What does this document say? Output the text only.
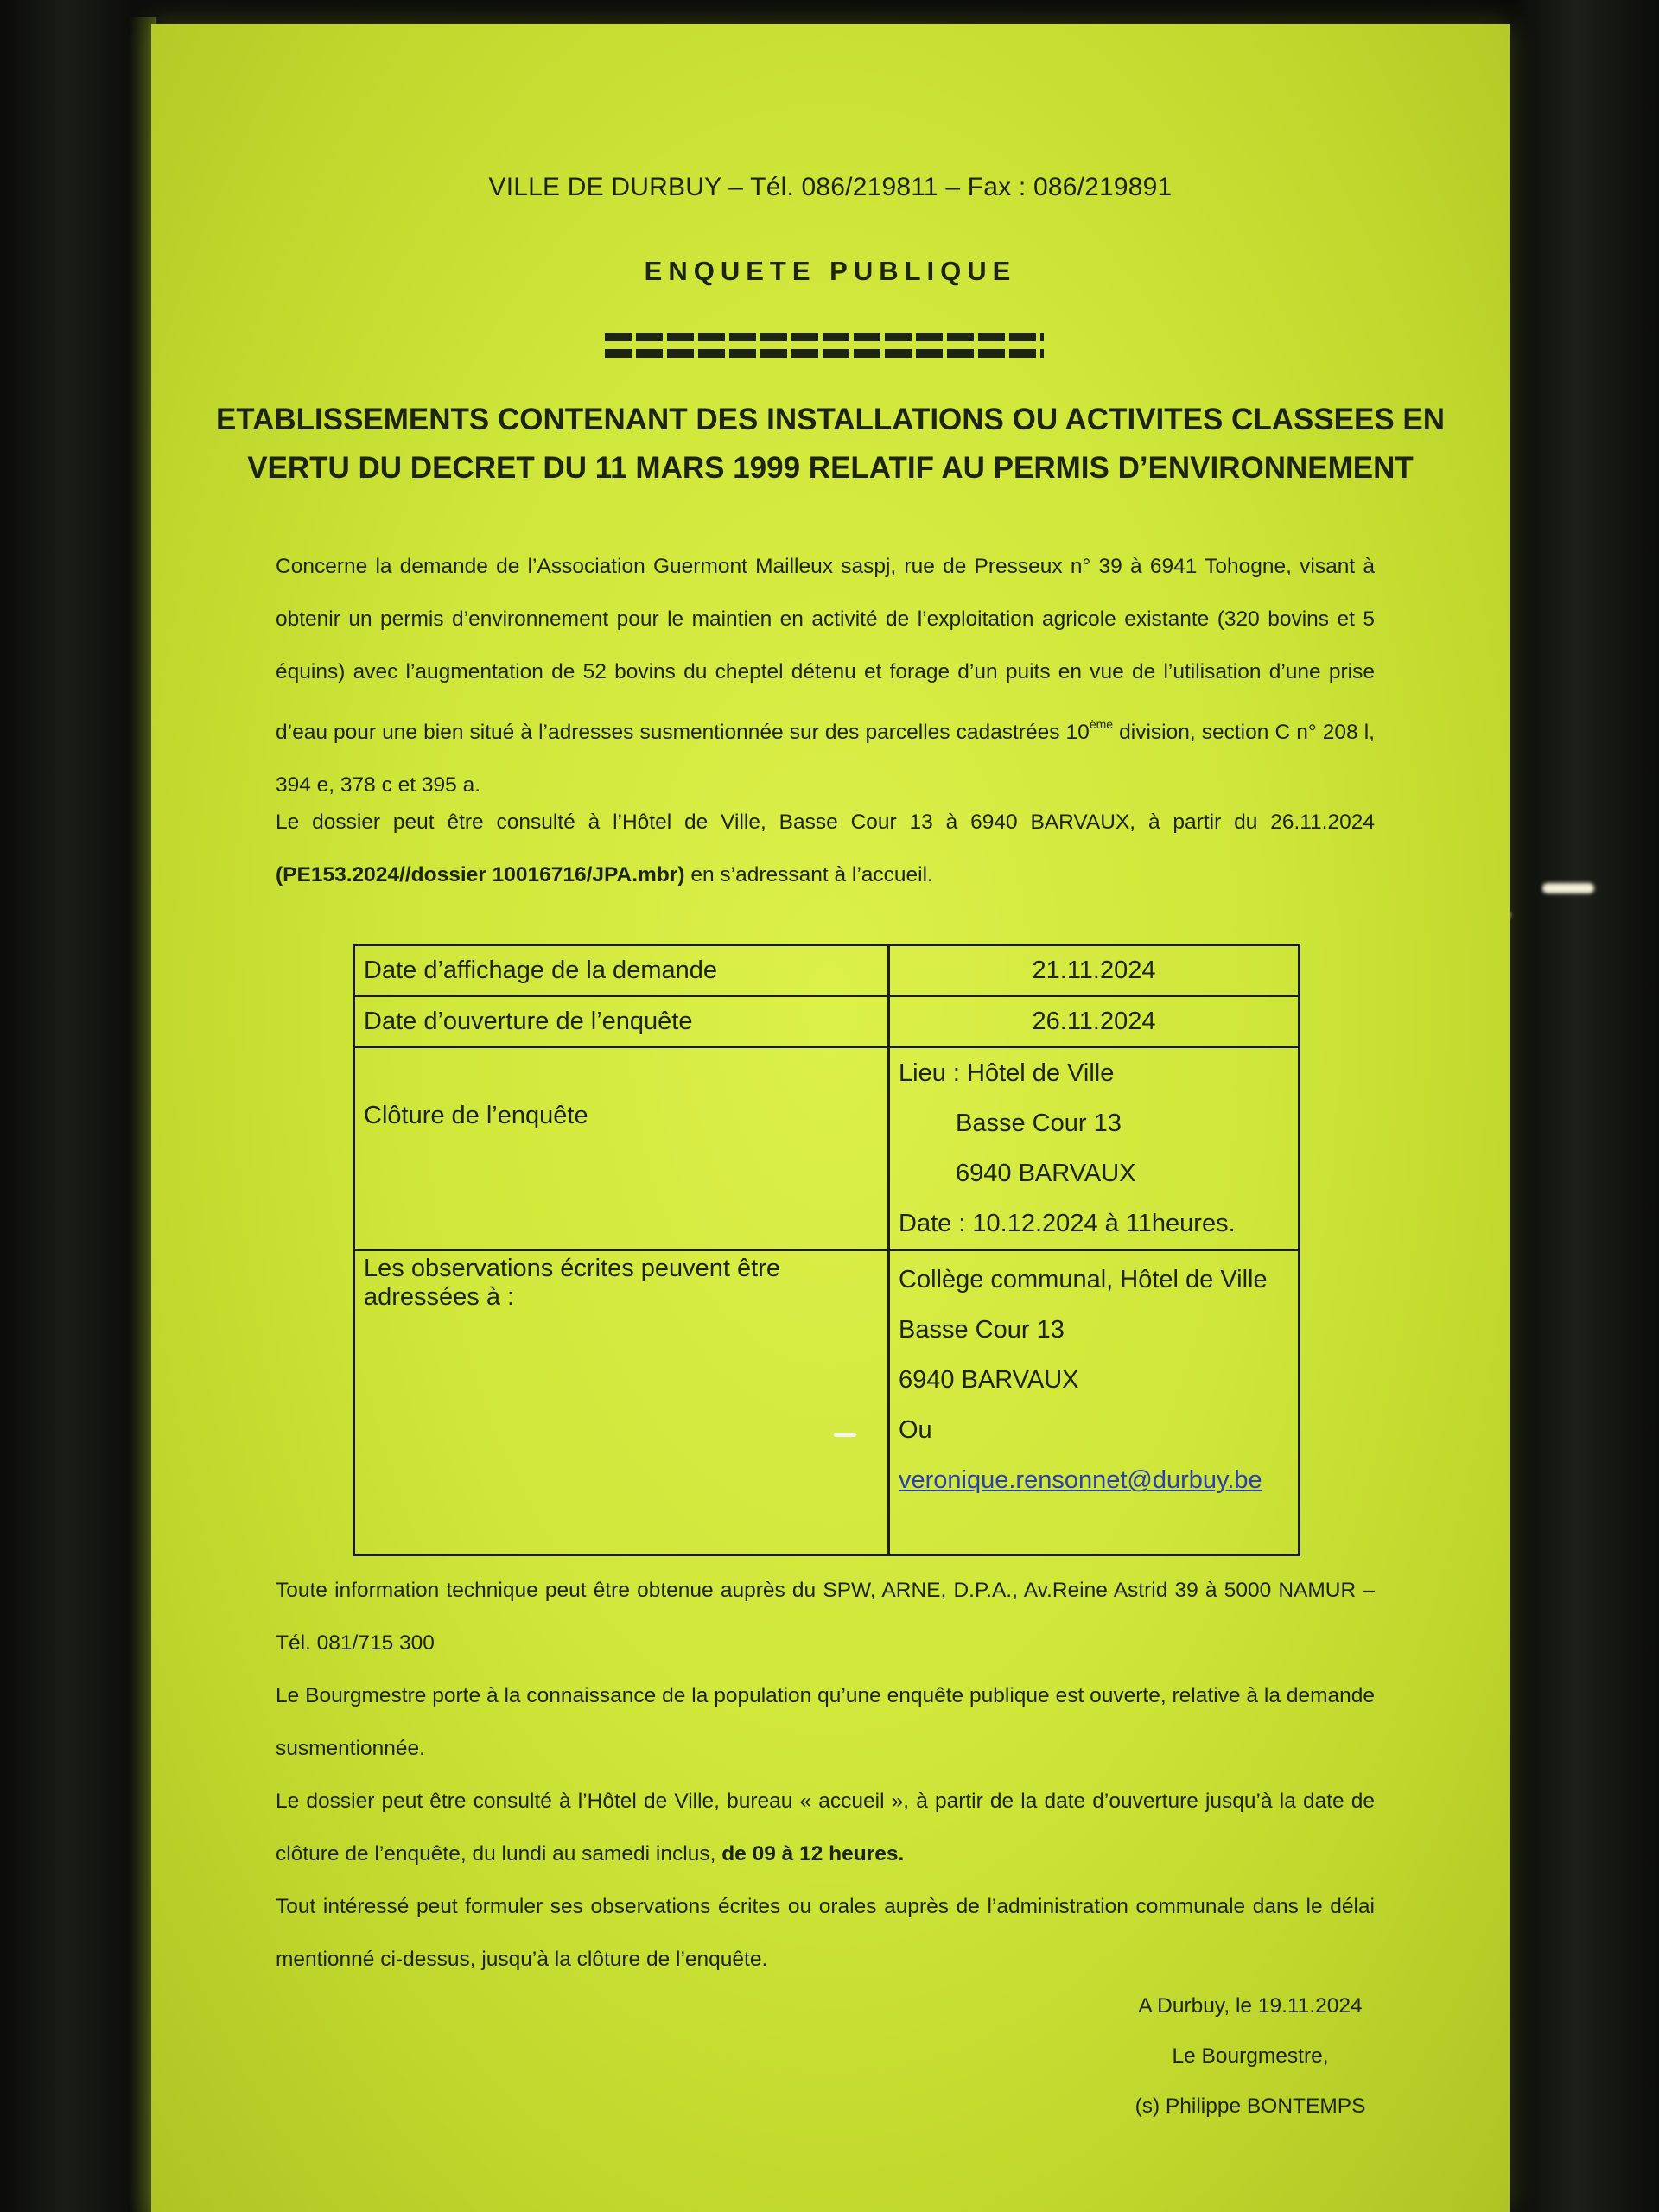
VILLE DE DURBUY – Tél. 086/219811 – Fax : 086/219891
ENQUETE PUBLIQUE
ETABLISSEMENTS CONTENANT DES INSTALLATIONS OU ACTIVITES CLASSEES EN
VERTU DU DECRET DU 11 MARS 1999 RELATIF AU PERMIS D’ENVIRONNEMENT
Concerne la demande de l’Association Guermont Mailleux saspj, rue de Presseux n° 39 à 6941 Tohogne, visant à obtenir un permis d’environnement pour le maintien en activité de l’exploitation agricole existante (320 bovins et 5 équins) avec l’augmentation de 52 bovins du cheptel détenu et forage d’un puits en vue de l’utilisation d’une prise d’eau pour une bien situé à l’adresses susmentionnée sur des parcelles cadastrées 10ème division, section C n° 208 l, 394 e, 378 c et 395 a.
Le dossier peut être consulté à l’Hôtel de Ville, Basse Cour 13 à 6940 BARVAUX, à partir du 26.11.2024 (PE153.2024//dossier 10016716/JPA.mbr) en s’adressant à l’accueil.
Date d’affichage de la demande	21.11.2024
Date d’ouverture de l’enquête	26.11.2024
Clôture de l’enquête	Lieu : Hôtel de Ville
Basse Cour 13
6940 BARVAUX
Date : 10.12.2024 à 11heures.

Les observations écrites peuvent être adressées à :	Collège communal, Hôtel de Ville
Basse Cour 13
6940 BARVAUX
Ou
veronique.rensonnet@durbuy.be
Toute information technique peut être obtenue auprès du SPW, ARNE, D.P.A., Av.Reine Astrid 39 à 5000 NAMUR – Tél. 081/715 300
Le Bourgmestre porte à la connaissance de la population qu’une enquête publique est ouverte, relative à la demande susmentionnée.
Le dossier peut être consulté à l’Hôtel de Ville, bureau « accueil », à partir de la date d’ouverture jusqu’à la date de clôture de l’enquête, du lundi au samedi inclus, de 09 à 12 heures.
Tout intéressé peut formuler ses observations écrites ou orales auprès de l’administration communale dans le délai mentionné ci-dessus, jusqu’à la clôture de l’enquête.
A Durbuy, le 19.11.2024
Le Bourgmestre,
(s) Philippe BONTEMPS
